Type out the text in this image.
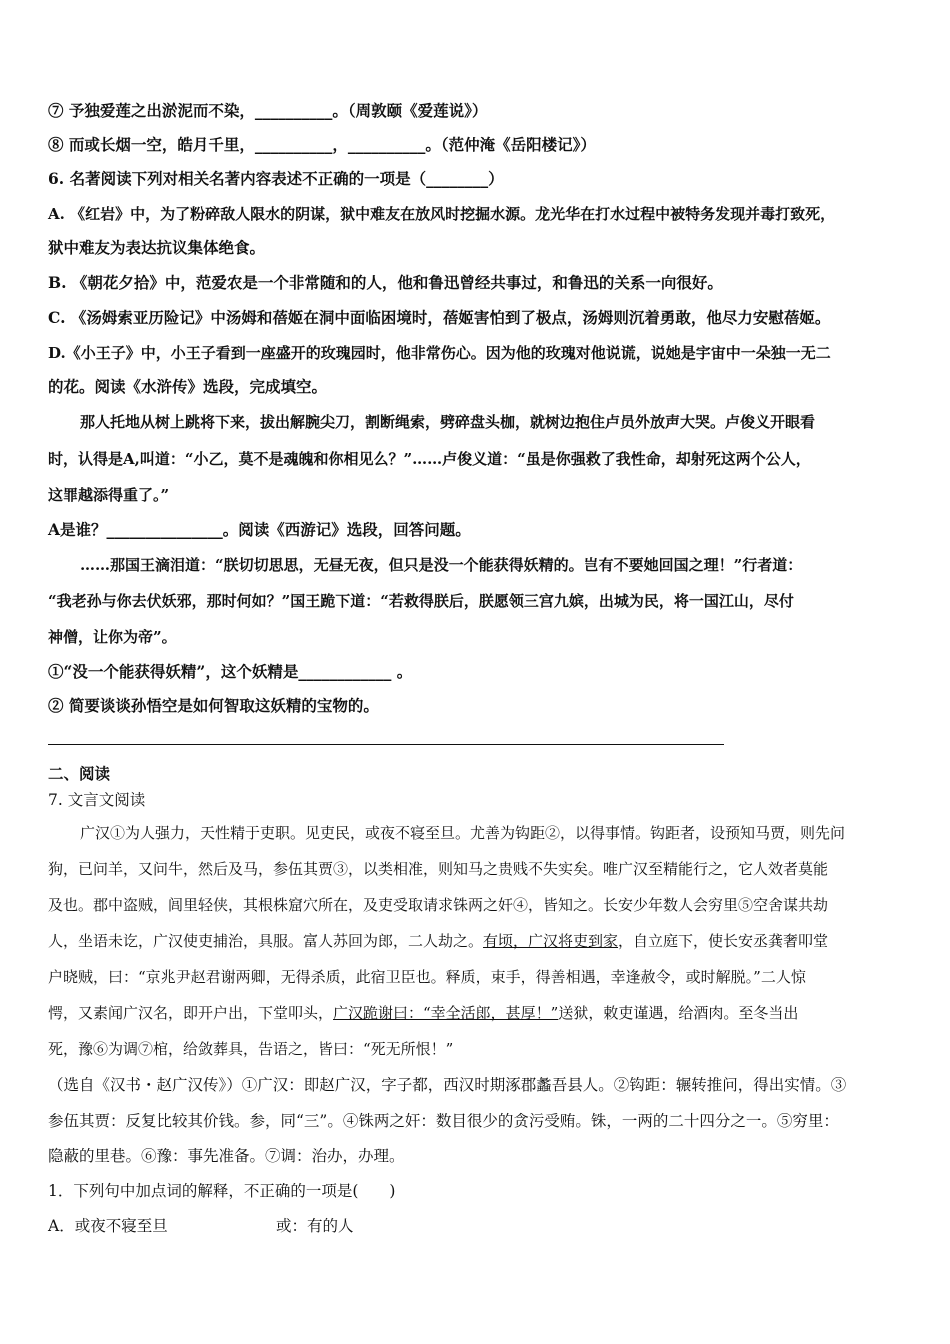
⑦ 予独爱莲之出淤泥而不染，__________。（周敦颐《爱莲说》）
⑧ 而或长烟一空，皓月千里，__________，__________。（范仲淹《岳阳楼记》）
6. 名著阅读下列对相关名著内容表述不正确的一项是（________）
A. 《红岩》中，为了粉碎敌人限水的阴谋，狱中难友在放风时挖掘水源。龙光华在打水过程中被特务发现并毒打致死，
狱中难友为表达抗议集体绝食。
B. 《朝花夕拾》中，范爱农是一个非常随和的人，他和鲁迅曾经共事过，和鲁迅的关系一向很好。
C. 《汤姆索亚历险记》中汤姆和蓓姬在洞中面临困境时，蓓姬害怕到了极点，汤姆则沉着勇敢，他尽力安慰蓓姬。
D.《小王子》中，小王子看到一座盛开的玫瑰园时，他非常伤心。因为他的玫瑰对他说谎，说她是宇宙中一朵独一无二
的花。阅读《水浒传》选段，完成填空。
那人托地从树上跳将下来，拔出解腕尖刀，割断绳索，劈碎盘头枷，就树边抱住卢员外放声大哭。卢俊义开眼看
时，认得是A,叫道：“小乙，莫不是魂魄和你相见么？”……卢俊义道：“虽是你强救了我性命，却射死这两个公人，
这罪越添得重了。”
A是谁？_______________。阅读《西游记》选段，回答问题。
……那国王滴泪道：“朕切切思思，无昼无夜，但只是没一个能获得妖精的。岂有不要她回国之理！”行者道：
“我老孙与你去伏妖邪，那时何如？”国王跪下道：“若救得朕后，朕愿领三宫九嫔，出城为民，将一国江山，尽付
神僧，让你为帝”。
①“没一个能获得妖精”，这个妖精是____________ 。
② 简要谈谈孙悟空是如何智取这妖精的宝物的。
二、阅读
7. 文言文阅读
广汉①为人强力，天性精于吏职。见吏民，或夜不寝至旦。尤善为钩距②，以得事情。钩距者，设预知马贾，则先问
狗，已问羊，又问牛，然后及马，参伍其贾③，以类相准，则知马之贵贱不失实矣。唯广汉至精能行之，它人效者莫能
及也。郡中盗贼，闾里轻侠，其根株窟穴所在，及吏受取请求铢两之奸④，皆知之。长安少年数人会穷里⑤空舍谋共劫
人，坐语未讫，广汉使吏捕治，具服。富人苏回为郎，二人劫之。有顷，广汉将吏到家，自立庭下，使长安丞龚奢叩堂
户晓贼，曰：“京兆尹赵君谢两卿，无得杀质，此宿卫臣也。释质，束手，得善相遇，幸逢赦令，或时解脱。”二人惊
愕，又素闻广汉名，即开户出，下堂叩头，广汉跪谢曰：“幸全活郎，甚厚！”送狱，敕吏谨遇，给酒肉。至冬当出
死，豫⑥为调⑦棺，给敛葬具，告语之，皆曰：“死无所恨！”
（选自《汉书・赵广汉传》）①广汉：即赵广汉，字子都，西汉时期涿郡蠡吾县人。②钩距：辗转推问，得出实情。③
参伍其贾：反复比较其价钱。参，同“三”。④铢两之奸：数目很少的贪污受贿。铢，一两的二十四分之一。⑤穷里：
隐蔽的里巷。⑥豫：事先准备。⑦调：治办，办理。
1．下列句中加点词的解释，不正确的一项是(　　)
A．或夜不寝至旦	或：有的人
